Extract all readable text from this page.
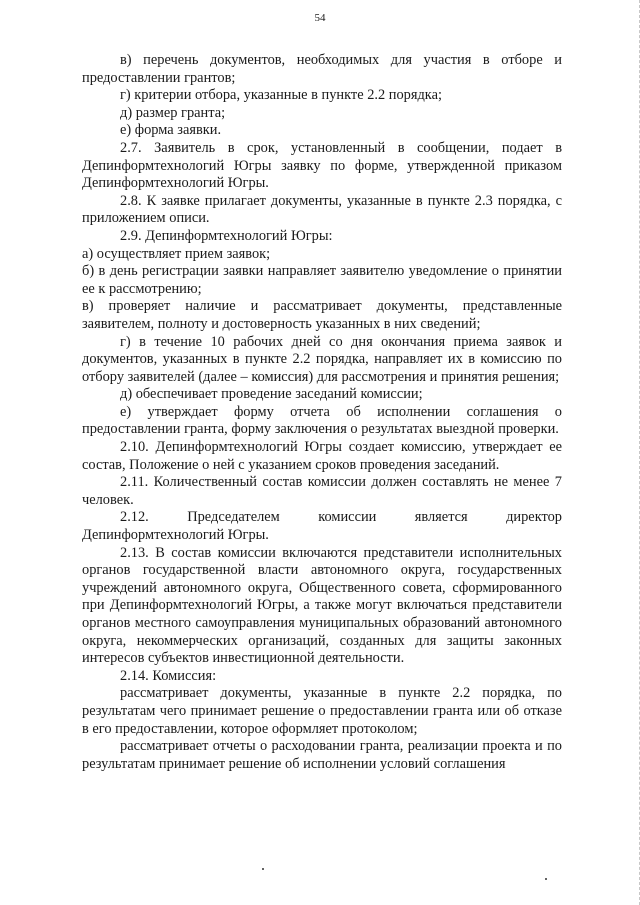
54

в) перечень документов, необходимых для участия в отборе и предоставлении грантов;

г) критерии отбора, указанные в пункте 2.2 порядка;

д) размер гранта;

е) форма заявки.

2.7. Заявитель в срок, установленный в сообщении, подает в Депинформтехнологий Югры заявку по форме, утвержденной приказом Депинформтехнологий Югры.

2.8. К заявке прилагает документы, указанные в пункте 2.3 порядка, с приложением описи.

2.9. Депинформтехнологий Югры:

а) осуществляет прием заявок;

б) в день регистрации заявки направляет заявителю уведомление о принятии ее к рассмотрению;

в) проверяет наличие и рассматривает документы, представленные заявителем, полноту и достоверность указанных в них сведений;

г) в течение 10 рабочих дней со дня окончания приема заявок и документов, указанных в пункте 2.2 порядка, направляет их в комиссию по отбору заявителей (далее – комиссия) для рассмотрения и принятия решения;

д) обеспечивает проведение заседаний комиссии;

е) утверждает форму отчета об исполнении соглашения о предоставлении гранта, форму заключения о результатах выездной проверки.

2.10. Депинформтехнологий Югры создает комиссию, утверждает ее состав, Положение о ней с указанием сроков проведения заседаний.

2.11. Количественный состав комиссии должен составлять не менее 7 человек.

2.12. Председателем комиссии является директор Депинформтехнологий Югры.

2.13. В состав комиссии включаются представители исполнительных органов государственной власти автономного округа, государственных учреждений автономного округа, Общественного совета, сформированного при Депинформтехнологий Югры, а также могут включаться представители органов местного самоуправления муниципальных образований автономного округа, некоммерческих организаций, созданных для защиты законных интересов субъектов инвестиционной деятельности.

2.14. Комиссия:

рассматривает документы, указанные в пункте 2.2 порядка, по результатам чего принимает решение о предоставлении гранта или об отказе в его предоставлении, которое оформляет протоколом;

рассматривает отчеты о расходовании гранта, реализации проекта и по результатам принимает решение об исполнении условий соглашения
